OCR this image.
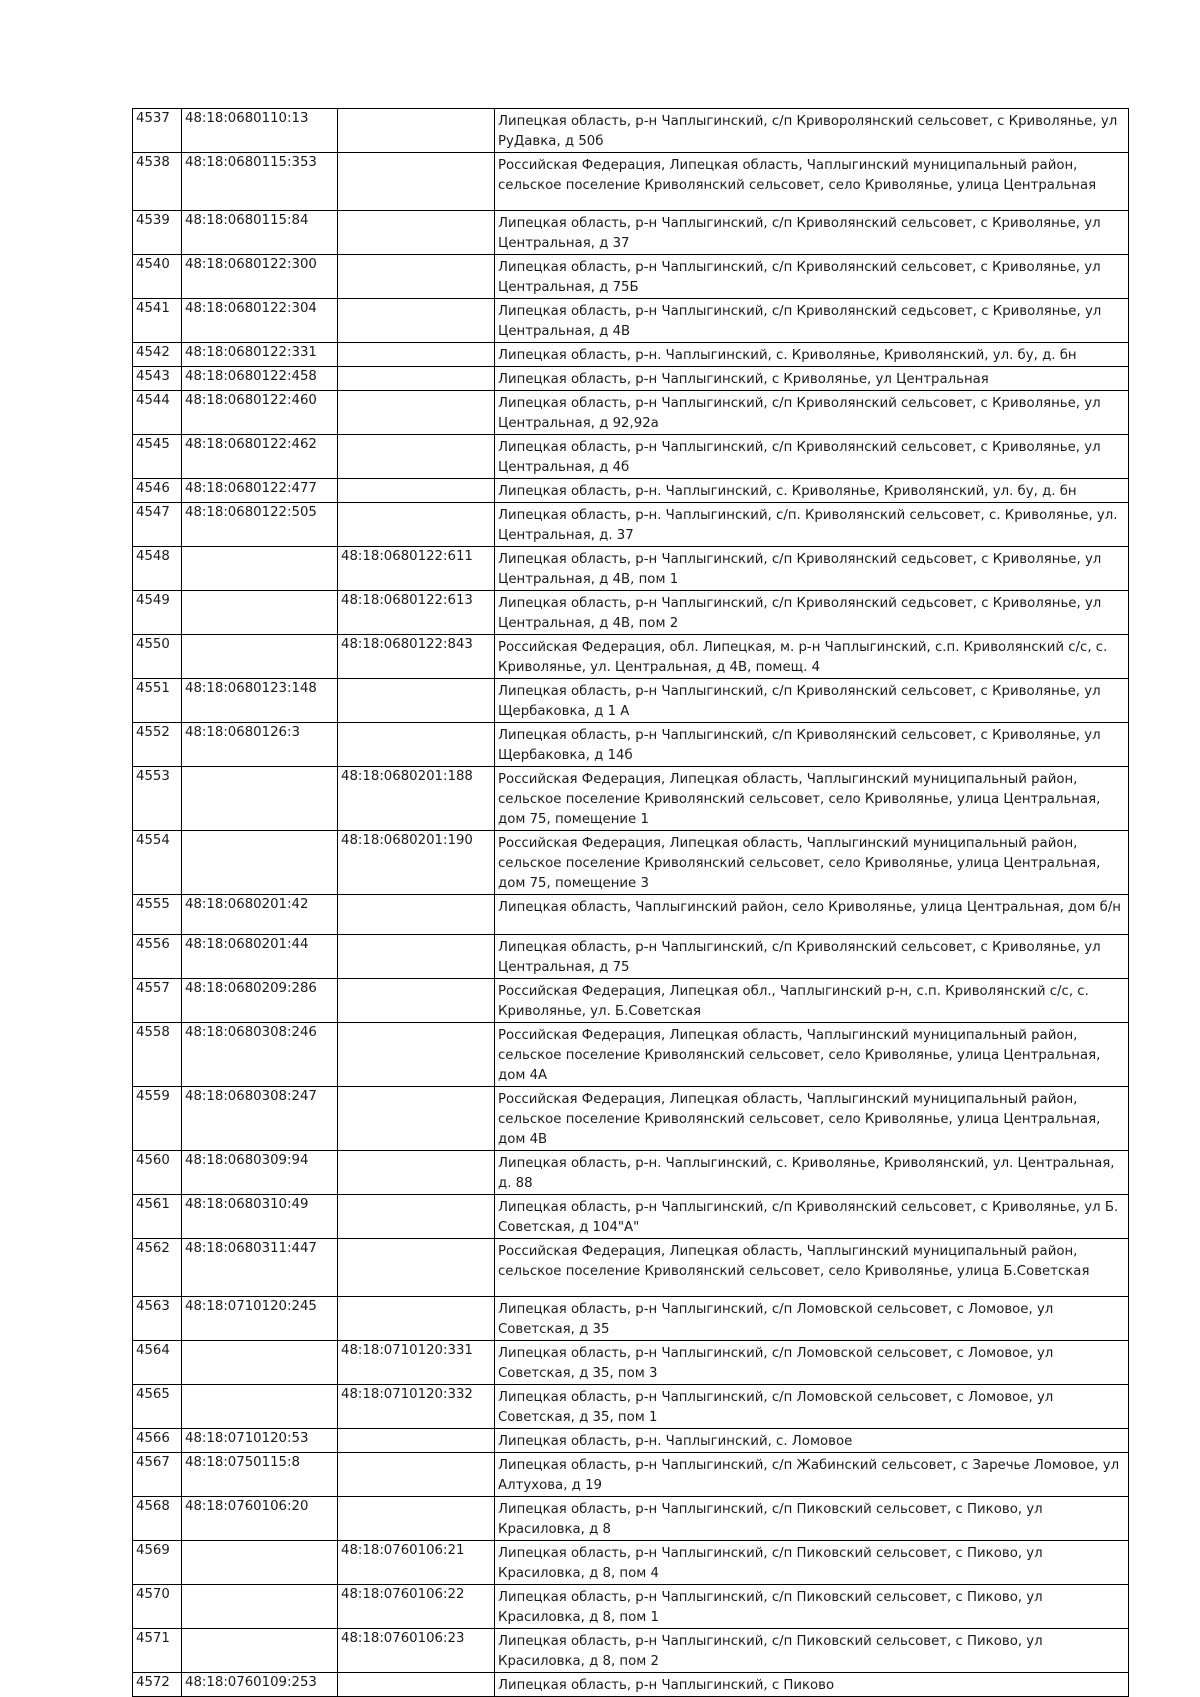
4537	48:18:0680110:13		Липецкая область, р-н Чаплыгинский, с/п Криворолянский сельсовет, с Криволянье, ул РуДавка, д 50б
4538	48:18:0680115:353		Российская Федерация, Липецкая область, Чаплыгинский муниципальный район, сельское поселение Криволянский сельсовет, село Криволянье, улица Центральная
4539	48:18:0680115:84		Липецкая область, р-н Чаплыгинский, с/п Криволянский сельсовет, с Криволянье, ул Центральная, д 37
4540	48:18:0680122:300		Липецкая область, р-н Чаплыгинский, с/п Криволянский сельсовет, с Криволянье, ул Центральная, д 75Б
4541	48:18:0680122:304		Липецкая область, р-н Чаплыгинский, с/п Криволянский седьсовет, с Криволянье, ул Центральная, д 4В
4542	48:18:0680122:331		Липецкая область, р-н. Чаплыгинский, с. Криволянье, Криволянский, ул. бу, д. бн
4543	48:18:0680122:458		Липецкая область, р-н Чаплыгинский, с Криволянье, ул Центральная
4544	48:18:0680122:460		Липецкая область, р-н Чаплыгинский, с/п Криволянский сельсовет, с Криволянье, ул Центральная, д 92,92а
4545	48:18:0680122:462		Липецкая область, р-н Чаплыгинский, с/п Криволянский сельсовет, с Криволянье, ул Центральная, д 4б
4546	48:18:0680122:477		Липецкая область, р-н. Чаплыгинский, с. Криволянье, Криволянский, ул. бу, д. бн
4547	48:18:0680122:505		Липецкая область, р-н. Чаплыгинский, с/п. Криволянский сельсовет, с. Криволянье, ул. Центральная, д. 37
4548		48:18:0680122:611	Липецкая область, р-н Чаплыгинский, с/п Криволянский седьсовет, с Криволянье, ул Центральная, д 4В, пом 1
4549		48:18:0680122:613	Липецкая область, р-н Чаплыгинский, с/п Криволянский седьсовет, с Криволянье, ул Центральная, д 4В, пом 2
4550		48:18:0680122:843	Российская Федерация, обл. Липецкая, м. р-н Чаплыгинский, с.п. Криволянский с/с, с. Криволянье, ул. Центральная, д 4В, помещ. 4
4551	48:18:0680123:148		Липецкая область, р-н Чаплыгинский, с/п Криволянский сельсовет, с Криволянье, ул Щербаковка, д 1 А
4552	48:18:0680126:3		Липецкая область, р-н Чаплыгинский, с/п Криволянский сельсовет, с Криволянье, ул Щербаковка, д 14б
4553		48:18:0680201:188	Российская Федерация, Липецкая область, Чаплыгинский муниципальный район, сельское поселение Криволянский сельсовет, село Криволянье, улица Центральная, дом 75, помещение 1
4554		48:18:0680201:190	Российская Федерация, Липецкая область, Чаплыгинский муниципальный район, сельское поселение Криволянский сельсовет, село Криволянье, улица Центральная, дом 75, помещение 3
4555	48:18:0680201:42		Липецкая область, Чаплыгинский район, село Криволянье, улица Центральная, дом б/н
4556	48:18:0680201:44		Липецкая область, р-н Чаплыгинский, с/п Криволянский сельсовет, с Криволянье, ул Центральная, д 75
4557	48:18:0680209:286		Российская Федерация, Липецкая обл., Чаплыгинский р-н, с.п. Криволянский с/с, с. Криволянье, ул. Б.Советская
4558	48:18:0680308:246		Российская Федерация, Липецкая область, Чаплыгинский муниципальный район, сельское поселение Криволянский сельсовет, село Криволянье, улица Центральная, дом 4А
4559	48:18:0680308:247		Российская Федерация, Липецкая область, Чаплыгинский муниципальный район, сельское поселение Криволянский сельсовет, село Криволянье, улица Центральная, дом 4В
4560	48:18:0680309:94		Липецкая область, р-н. Чаплыгинский, с. Криволянье, Криволянский, ул. Центральная, д. 88
4561	48:18:0680310:49		Липецкая область, р-н Чаплыгинский, с/п Криволянский сельсовет, с Криволянье, ул Б. Советская, д 104"А"
4562	48:18:0680311:447		Российская Федерация, Липецкая область, Чаплыгинский муниципальный район, сельское поселение Криволянский сельсовет, село Криволянье, улица Б.Советская
4563	48:18:0710120:245		Липецкая область, р-н Чаплыгинский, с/п Ломовской сельсовет, с Ломовое, ул Советская, д 35
4564		48:18:0710120:331	Липецкая область, р-н Чаплыгинский, с/п Ломовской сельсовет, с Ломовое, ул Советская, д 35, пом 3
4565		48:18:0710120:332	Липецкая область, р-н Чаплыгинский, с/п Ломовской сельсовет, с Ломовое, ул Советская, д 35, пом 1
4566	48:18:0710120:53		Липецкая область, р-н. Чаплыгинский, с. Ломовое
4567	48:18:0750115:8		Липецкая область, р-н Чаплыгинский, с/п Жабинский сельсовет, с Заречье Ломовое, ул Алтухова, д 19
4568	48:18:0760106:20		Липецкая область, р-н Чаплыгинский, с/п Пиковский сельсовет, с Пиково, ул Красиловка, д 8
4569		48:18:0760106:21	Липецкая область, р-н Чаплыгинский, с/п Пиковский сельсовет, с Пиково, ул Красиловка, д 8, пом 4
4570		48:18:0760106:22	Липецкая область, р-н Чаплыгинский, с/п Пиковский сельсовет, с Пиково, ул Красиловка, д 8, пом 1
4571		48:18:0760106:23	Липецкая область, р-н Чаплыгинский, с/п Пиковский сельсовет, с Пиково, ул Красиловка, д 8, пом 2
4572	48:18:0760109:253		Липецкая область, р-н Чаплыгинский, с Пиково
